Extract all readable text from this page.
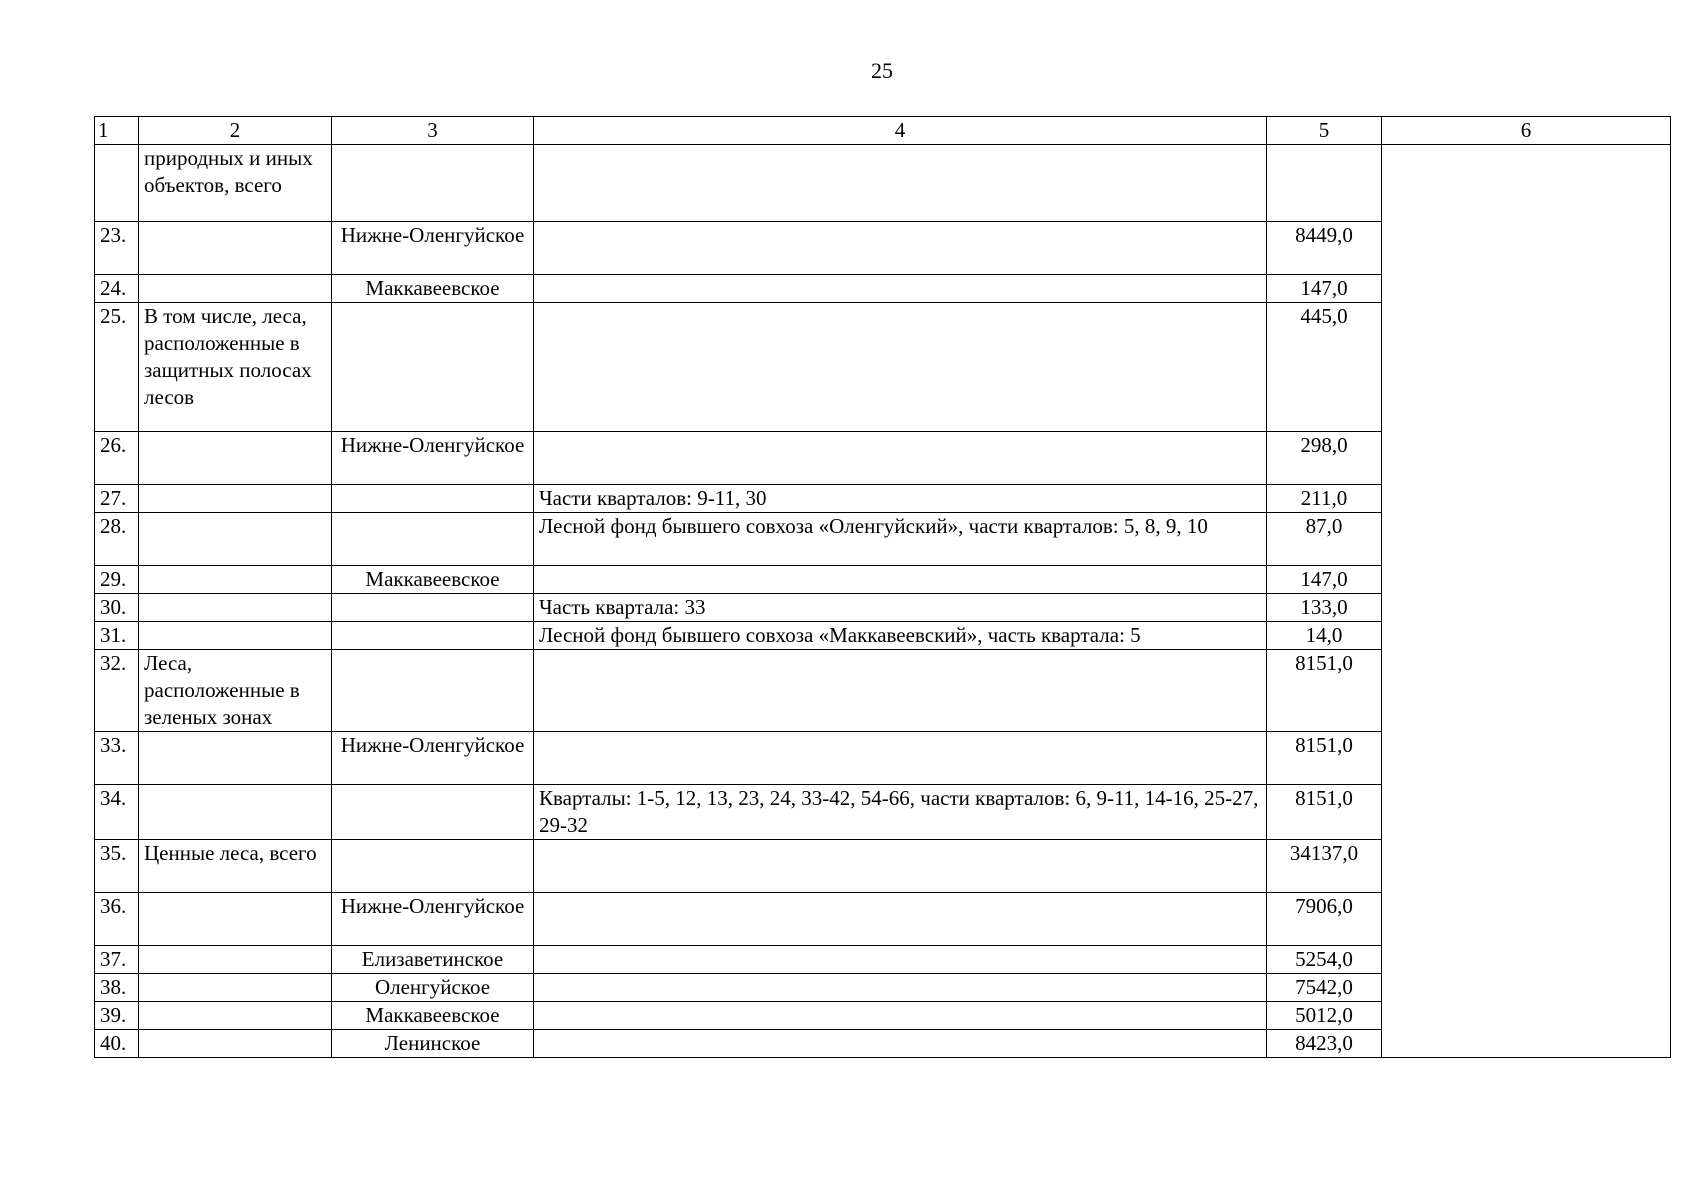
25
1	2	3	4	5	6
	природных и иных объектов, всего				
23.		Нижне-Оленгуйское		8449,0	
24.		Маккавеевское		147,0	
25.	В том числе, леса, расположенные в защитных полосах лесов			445,0	
26.		Нижне-Оленгуйское		298,0	
27.			Части кварталов: 9-11, 30	211,0	
28.			Лесной фонд бывшего совхоза «Оленгуйский», части кварталов: 5, 8, 9, 10	87,0	
29.		Маккавеевское		147,0	
30.			Часть квартала: 33	133,0	
31.			Лесной фонд бывшего совхоза «Маккавеевский», часть квартала: 5	14,0	
32.	Леса, расположенные в зеленых зонах			8151,0	
33.		Нижне-Оленгуйское		8151,0	
34.			Кварталы: 1-5, 12, 13, 23, 24, 33-42, 54-66, части кварталов: 6, 9-11, 14-16, 25-27, 29-32	8151,0	
35.	Ценные леса, всего			34137,0	
36.		Нижне-Оленгуйское		7906,0	
37.		Елизаветинское		5254,0	
38.		Оленгуйское		7542,0	
39.		Маккавеевское		5012,0	
40.		Ленинское		8423,0	
